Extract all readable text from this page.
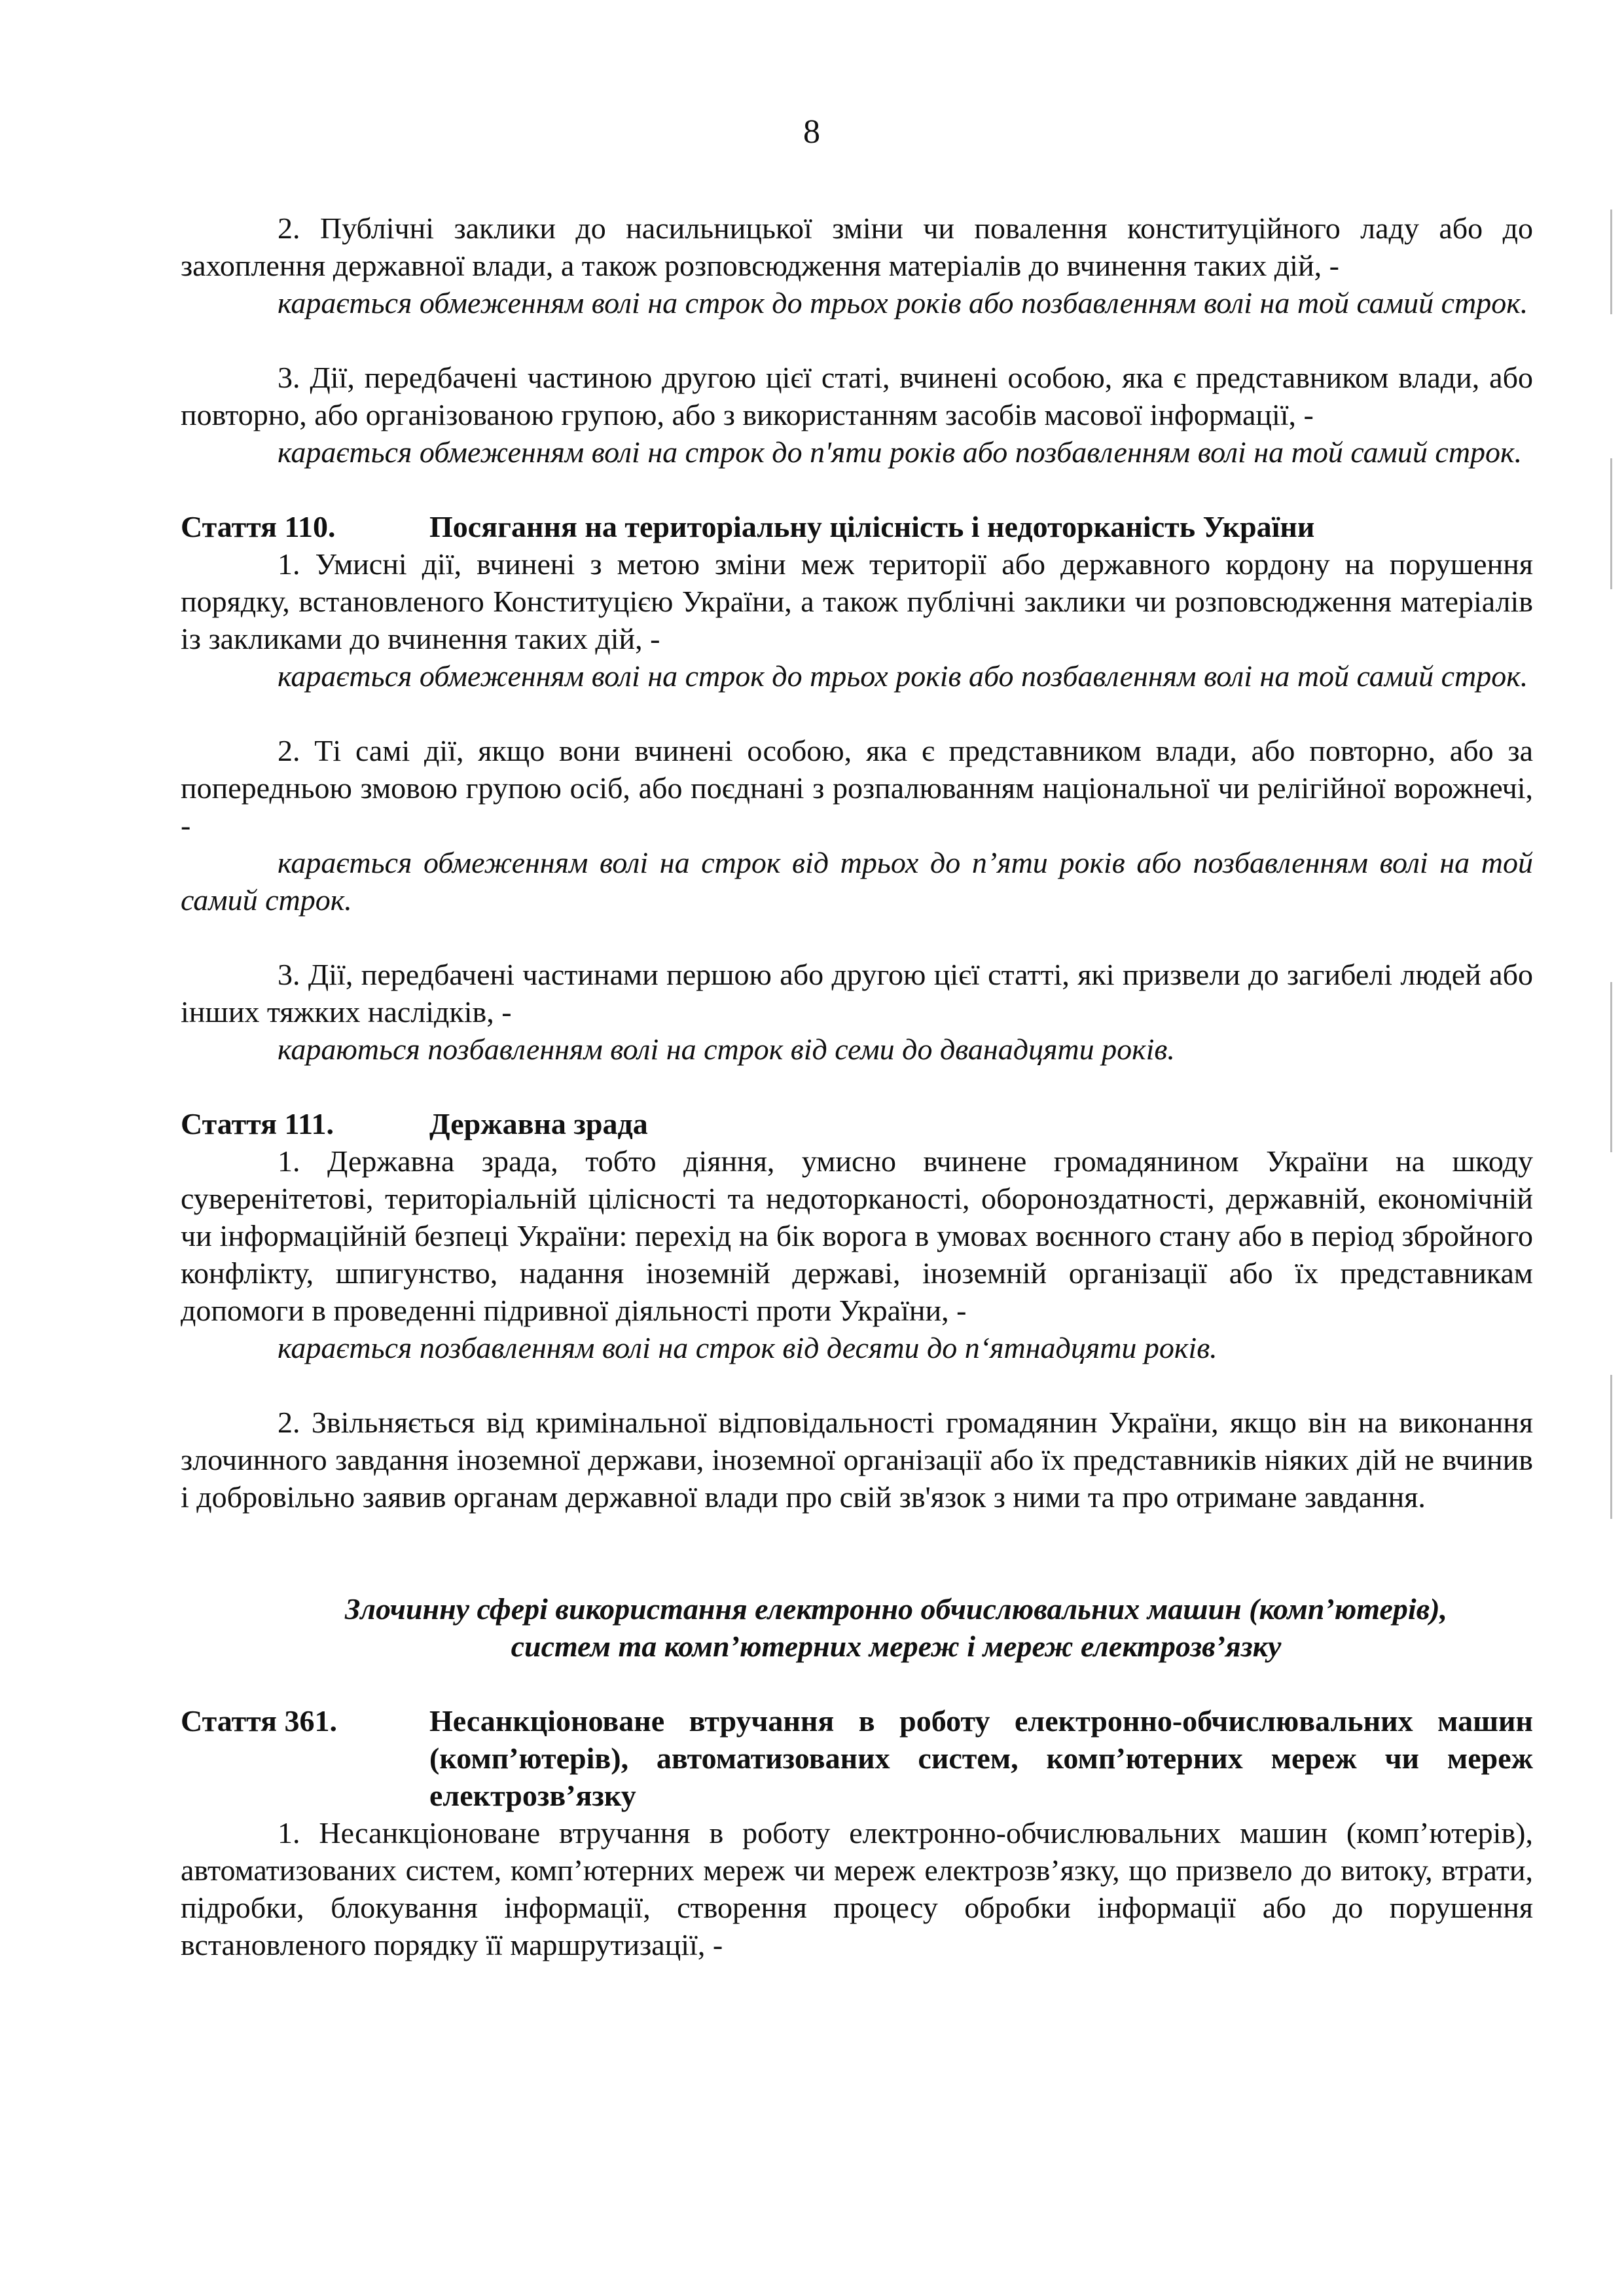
8

2. Публічні заклики до насильницької зміни чи повалення конституційного ладу або до захоплення державної влади, а також розповсюдження матеріалів до вчинення таких дій, -

карається обмеженням волі на строк до трьох років або позбавленням волі на той самий строк.

3. Дії, передбачені частиною другою цієї статі, вчинені особою, яка є представником влади, або повторно, або організованою групою, або з використанням засобів масової інформації, -

карається обмеженням волі на строк до п'яти років або позбавленням волі на той самий строк.

Стаття 110.	Посягання на територіальну цілісність і недоторканість України

1. Умисні дії, вчинені з метою зміни меж території або державного кордону на порушення порядку, встановленого Конституцією України, а також публічні заклики чи розповсюдження матеріалів із закликами до вчинення таких дій, -

карається обмеженням волі на строк до трьох років або позбавленням волі на той самий строк.

2. Ті самі дії, якщо вони вчинені особою, яка є представником влади, або повторно, або за попередньою змовою групою осіб, або поєднані з розпалюванням національної чи релігійної ворожнечі, -

карається обмеженням волі на строк від трьох до п’яти років або позбавленням волі на той самий строк.

3. Дії, передбачені частинами першою або другою цієї статті, які призвели до загибелі людей або інших тяжких наслідків, -

караються позбавленням волі на строк від семи до дванадцяти років.

Стаття 111.	Державна зрада

1. Державна зрада, тобто діяння, умисно вчинене громадянином України на шкоду суверенітетові, територіальній цілісності та недоторканості, обороноздатності, державній, економічній чи інформаційній безпеці України: перехід на бік ворога в умовах воєнного стану або в період збройного конфлікту, шпигунство, надання іноземній державі, іноземній організації або їх представникам допомоги в проведенні підривної діяльності проти України, -

карається позбавленням волі на строк від десяти до п‘ятнадцяти років.

2. Звільняється від кримінальної відповідальності громадянин України, якщо він на виконання злочинного завдання іноземної держави, іноземної організації або їх представників ніяких дій не вчинив і добровільно заявив органам державної влади про свій зв'язок з ними та про отримане завдання.

Злочинну сфері використання електронно обчислювальних машин (комп’ютерів),
систем та комп’ютерних мереж і мереж електрозв’язку
Стаття 361.	Несанкціоноване втручання в роботу електронно-обчислювальних машин (комп’ютерів), автоматизованих систем, комп’ютерних мереж чи мереж електрозв’язку

1. Несанкціоноване втручання в роботу електронно-обчислювальних машин (комп’ютерів), автоматизованих систем, комп’ютерних мереж чи мереж електрозв’язку, що призвело до витоку, втрати, підробки, блокування інформації, створення процесу обробки інформації або до порушення встановленого порядку її маршрутизації, -
